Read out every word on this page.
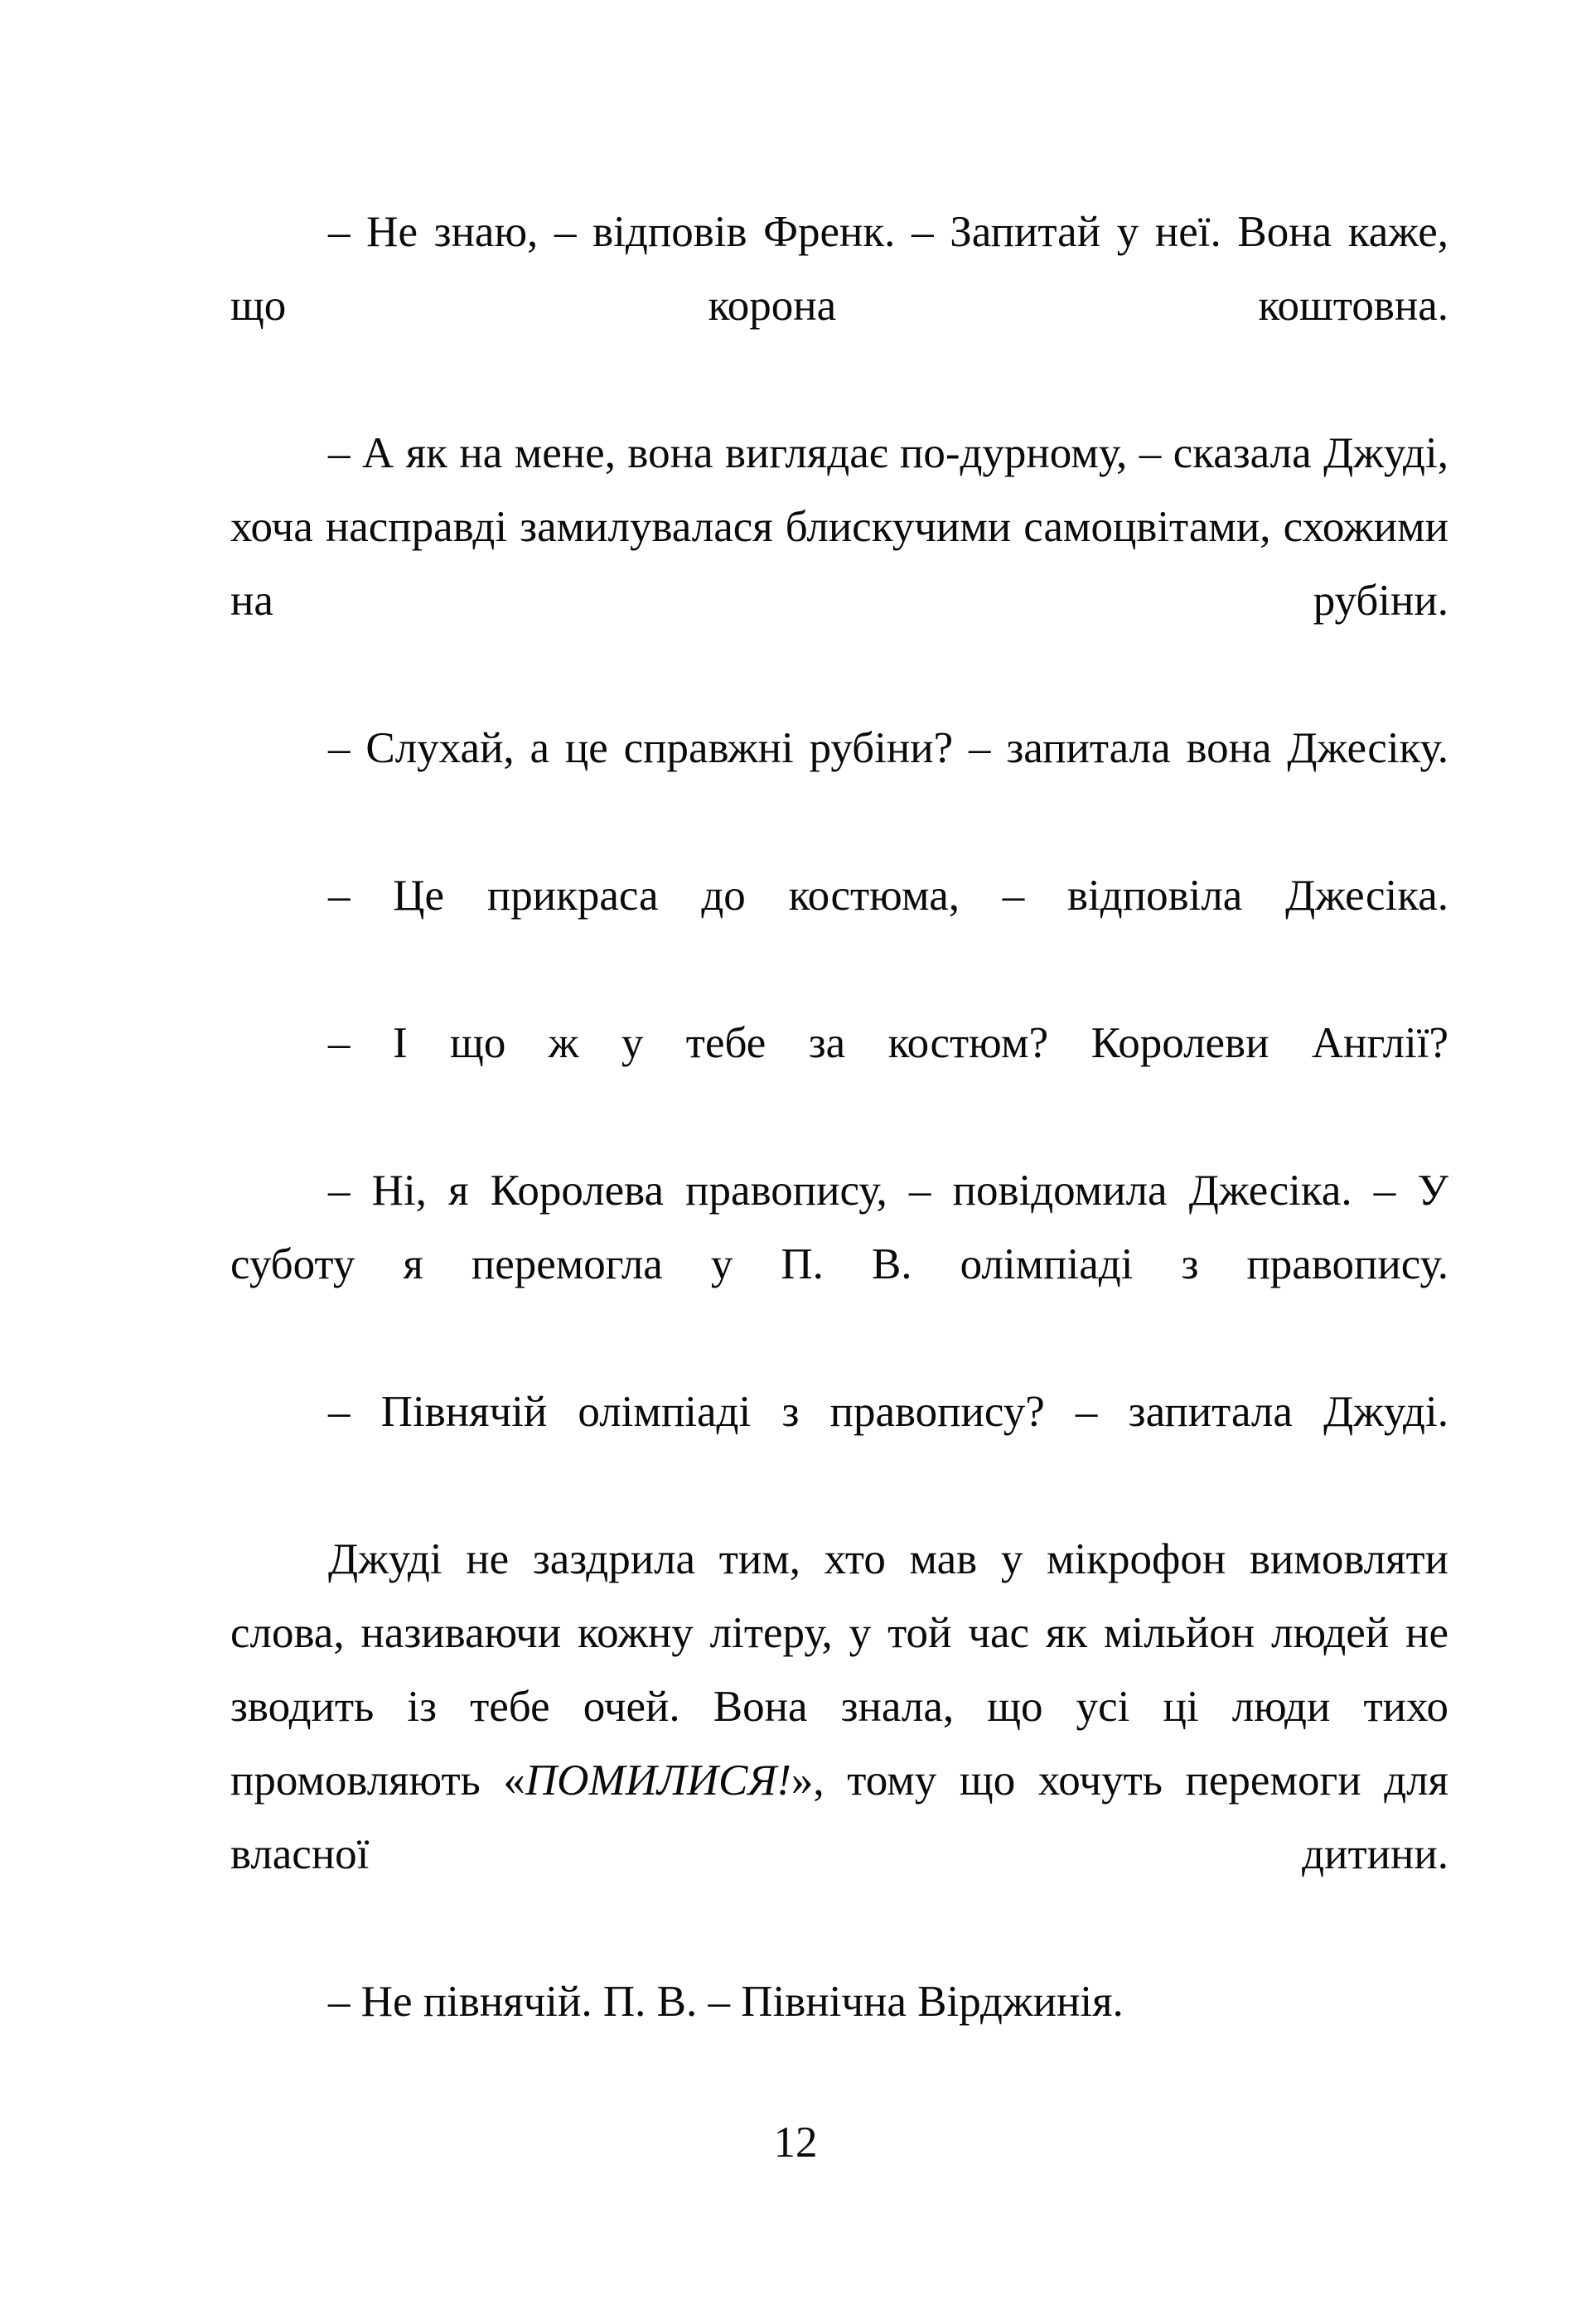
– Не знаю, – відповів Френк. – Запитай у неї. Вона каже, що корона коштовна.

– А як на мене, вона виглядає по-дурному, – сказала Джуді, хоча насправді замилувалася блискучими самоцвітами, схожими на рубіни.

– Слухай, а це справжні рубіни? – запитала вона Джесіку.

– Це прикраса до костюма, – відповіла Джесіка.

– І що ж у тебе за костюм? Королеви Англії?

– Ні, я Королева правопису, – повідомила Джесіка. – У суботу я перемогла у П. В. олімпіаді з правопису.

– Півнячій олімпіаді з правопису? – запитала Джуді.

Джуді не заздрила тим, хто мав у мікрофон вимовляти слова, називаючи кожну літеру, у той час як мільйон людей не зводить із тебе очей. Вона знала, що усі ці люди тихо промовляють «ПОМИЛИСЯ!», тому що хочуть перемоги для власної дитини.

– Не півнячій. П. В. – Північна Вірджинія.

12
